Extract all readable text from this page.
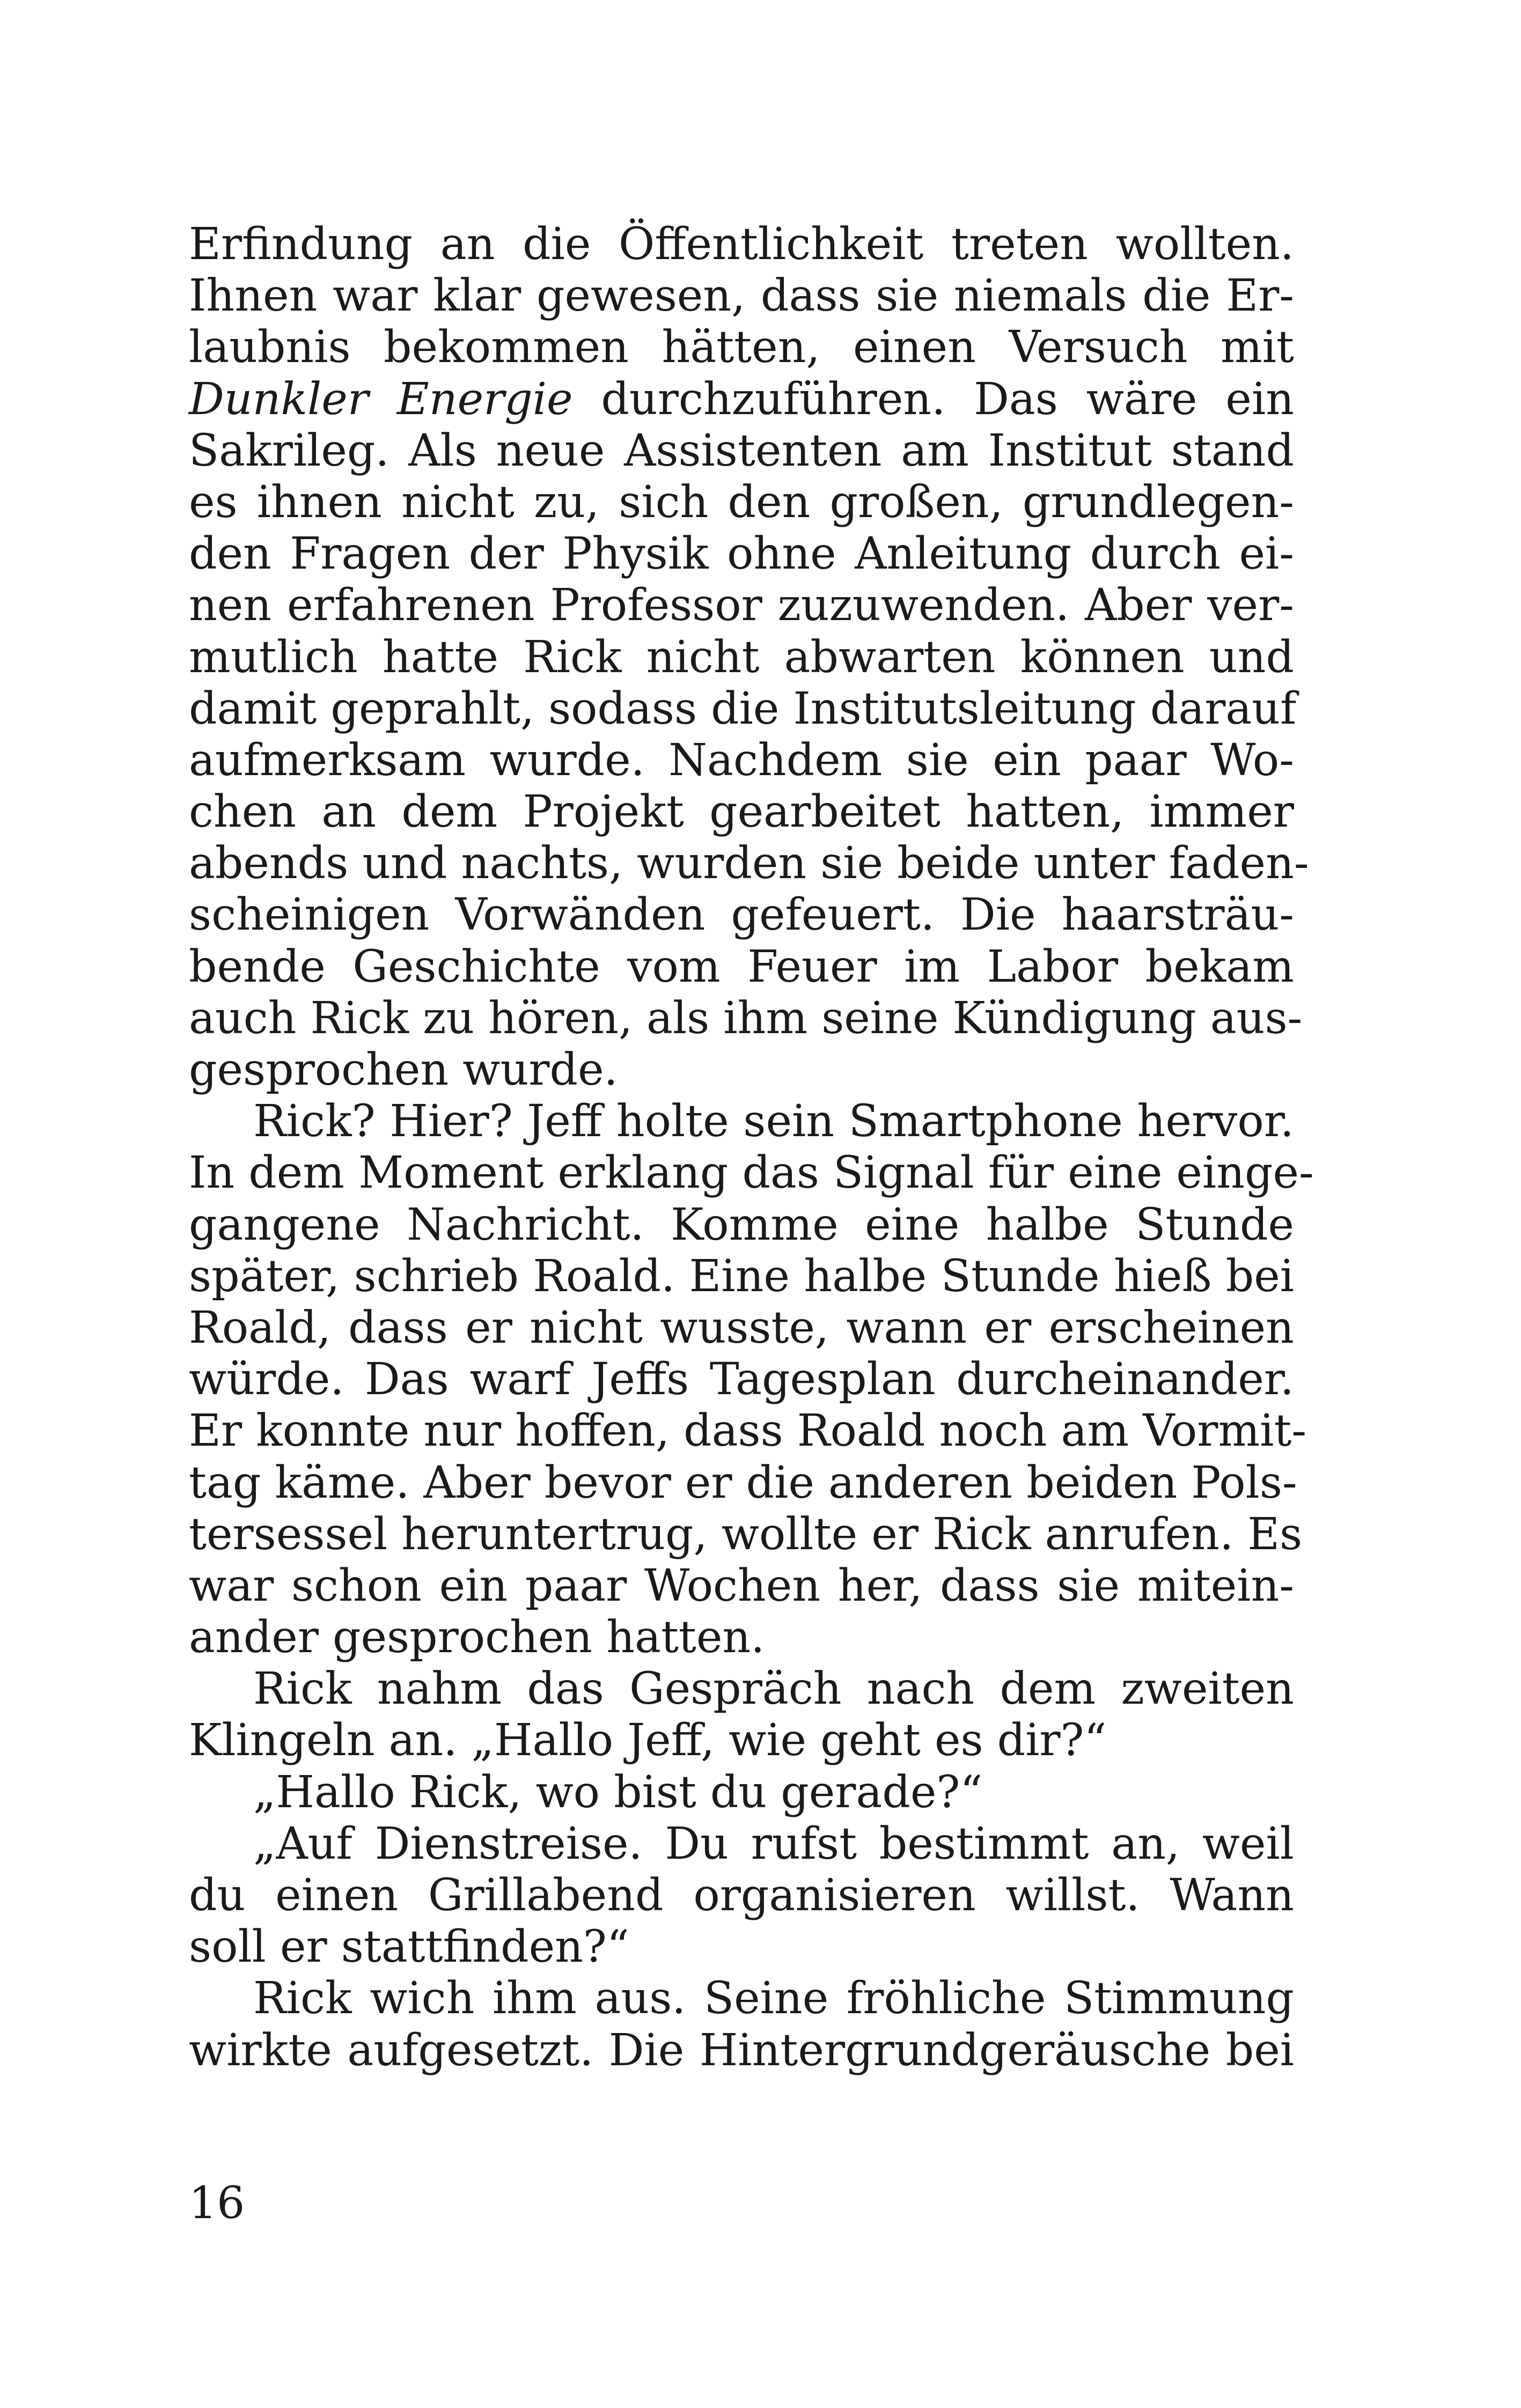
Erfindung an die Öffentlichkeit treten wollten.
Ihnen war klar gewesen, dass sie niemals die Er-
laubnis bekommen hätten, einen Versuch mit
Dunkler Energie durchzuführen. Das wäre ein
Sakrileg. Als neue Assistenten am Institut stand
es ihnen nicht zu, sich den großen, grundlegen-
den Fragen der Physik ohne Anleitung durch ei-
nen erfahrenen Professor zuzuwenden. Aber ver-
mutlich hatte Rick nicht abwarten können und
damit geprahlt, sodass die Institutsleitung darauf
aufmerksam wurde. Nachdem sie ein paar Wo-
chen an dem Projekt gearbeitet hatten, immer
abends und nachts, wurden sie beide unter faden-
scheinigen Vorwänden gefeuert. Die haarsträu-
bende Geschichte vom Feuer im Labor bekam
auch Rick zu hören, als ihm seine Kündigung aus-
gesprochen wurde.
Rick? Hier? Jeff holte sein Smartphone hervor.
In dem Moment erklang das Signal für eine einge-
gangene Nachricht. Komme eine halbe Stunde
später, schrieb Roald. Eine halbe Stunde hieß bei
Roald, dass er nicht wusste, wann er erscheinen
würde. Das warf Jeffs Tagesplan durcheinander.
Er konnte nur hoffen, dass Roald noch am Vormit-
tag käme. Aber bevor er die anderen beiden Pols-
tersessel heruntertrug, wollte er Rick anrufen. Es
war schon ein paar Wochen her, dass sie mitein-
ander gesprochen hatten.
Rick nahm das Gespräch nach dem zweiten
Klingeln an. „Hallo Jeff, wie geht es dir?“
„Hallo Rick, wo bist du gerade?“
„Auf Dienstreise. Du rufst bestimmt an, weil
du einen Grillabend organisieren willst. Wann
soll er stattfinden?“
Rick wich ihm aus. Seine fröhliche Stimmung
wirkte aufgesetzt. Die Hintergrundgeräusche bei
16
